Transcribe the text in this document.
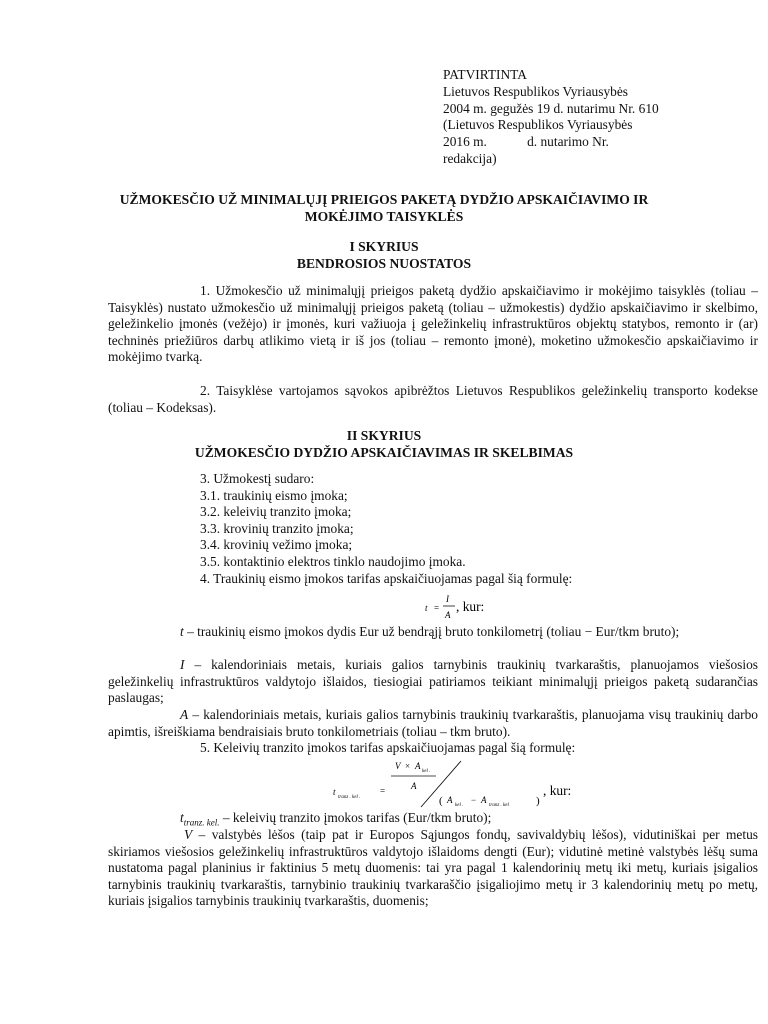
PATVIRTINTA
Lietuvos Respublikos Vyriausybės
2004 m. gegužės 19 d. nutarimu Nr. 610
(Lietuvos Respublikos Vyriausybės
2016 m.            d. nutarimo Nr.
redakcija)
UŽMOKESČIO UŽ MINIMALŲJĮ PRIEIGOS PAKETĄ DYDŽIO APSKAIČIAVIMO IR
MOKĖJIMO TAISYKLĖS
I SKYRIUS
BENDROSIOS NUOSTATOS
1. Užmokesčio už minimalųjį prieigos paketą dydžio apskaičiavimo ir mokėjimo taisyklės (toliau – Taisyklės) nustato užmokesčio už minimalųjį prieigos paketą (toliau – užmokestis) dydžio apskaičiavimo ir skelbimo, geležinkelio įmonės (vežėjo) ir įmonės, kuri važiuoja į geležinkelių infrastruktūros objektų statybos, remonto ir (ar) techninės priežiūros darbų atlikimo vietą ir iš jos (toliau – remonto įmonė), moketino užmokesčio apskaičiavimo ir mokėjimo tvarką.
2. Taisyklėse vartojamos sąvokos apibrėžtos Lietuvos Respublikos geležinkelių transporto kodekse (toliau – Kodeksas).
II SKYRIUS
UŽMOKESČIO DYDŽIO APSKAIČIAVIMAS IR SKELBIMAS
3. Užmokestį sudaro:
3.1. traukinių eismo įmoka;
3.2. keleivių tranzito įmoka;
3.3. krovinių tranzito įmoka;
3.4. krovinių vežimo įmoka;
3.5. kontaktinio elektros tinklo naudojimo įmoka.
4. Traukinių eismo įmokos tarifas apskaičiuojamas pagal šią formulę:
t =
I
A
, kur:
t – traukinių eismo įmokos dydis Eur už bendrąjį bruto tonkilometrį (toliau − Eur/tkm bruto);
I – kalendoriniais metais, kuriais galios tarnybinis traukinių tvarkaraštis, planuojamos viešosios geležinkelių infrastruktūros valdytojo išlaidos, tiesiogiai patiriamos teikiant minimalųjį prieigos paketą sudarančias paslaugas;
A – kalendoriniais metais, kuriais galios tarnybinis traukinių tvarkaraštis, planuojama visų traukinių darbo apimtis, išreiškiama bendraisiais bruto tonkilometriais (toliau – tkm bruto).
5. Keleivių tranzito įmokos tarifas apskaičiuojamas pagal šią formulę:
t
tranz . kel .
=
V × A
kel .
A
( A
kel .
− A
tranz . kel )
, kur:
$t_{tranz. kel.}$ – keleivių tranzito įmokos tarifas (Eur/tkm bruto);
V – valstybės lėšos (taip pat ir Europos Sąjungos fondų, savivaldybių lėšos), vidutiniškai per metus skiriamos viešosios geležinkelių infrastruktūros valdytojo išlaidoms dengti (Eur); vidutinė metinė valstybės lėšų suma nustatoma pagal planinius ir faktinius 5 metų duomenis: tai yra pagal 1 kalendorinių metų iki metų, kuriais įsigalios tarnybinis traukinių tvarkaraštis, tarnybinio traukinių tvarkaraščio įsigaliojimo metų ir 3 kalendorinių metų po metų, kuriais įsigalios tarnybinis traukinių tvarkaraštis, duomenis;
